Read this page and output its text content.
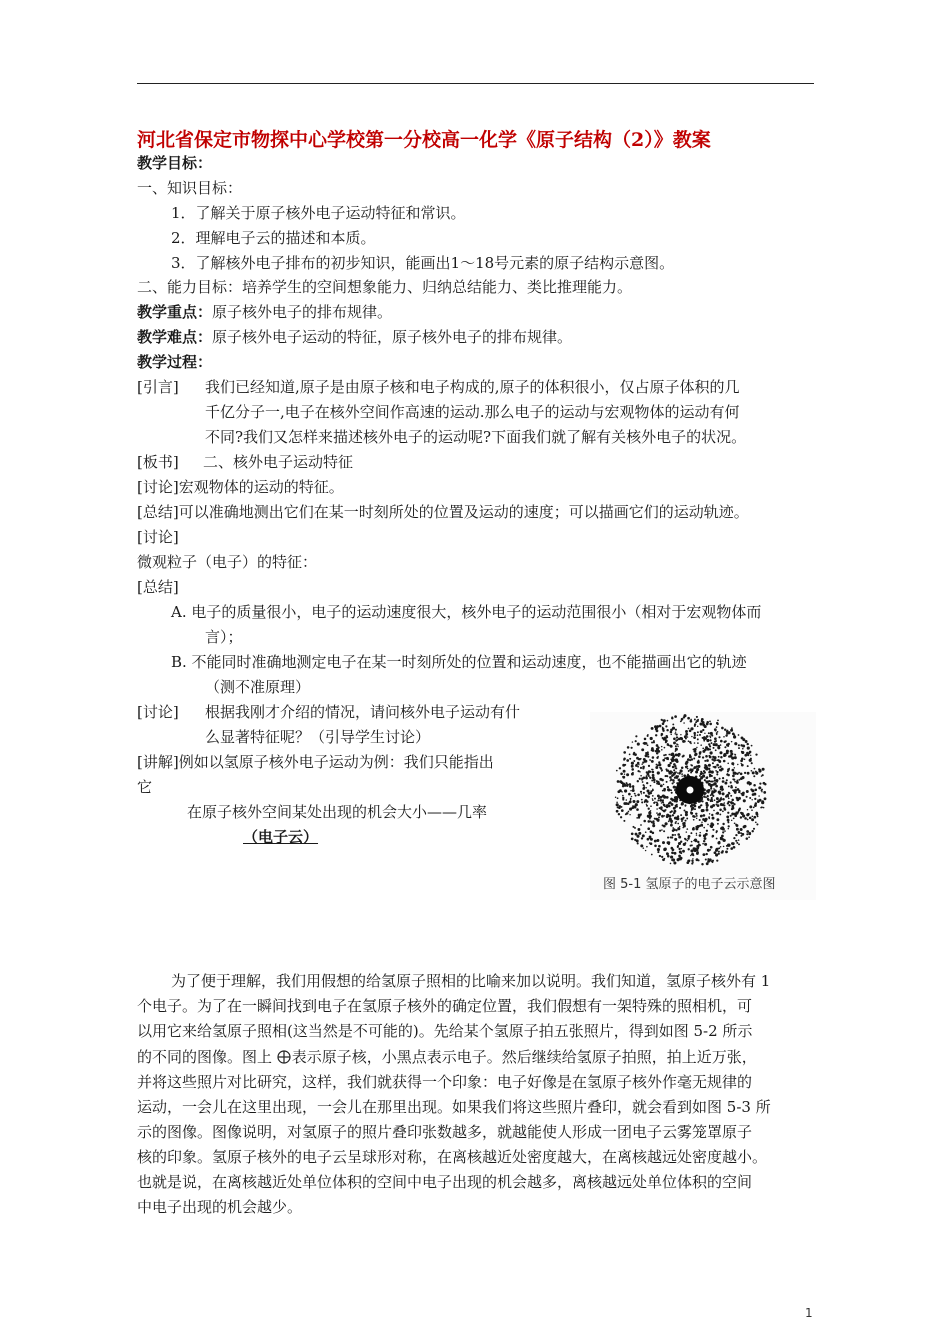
河北省保定市物探中心学校第一分校高一化学《原子结构（2）》教案
教学目标：
一、知识目标：
1．了解关于原子核外电子运动特征和常识。
2．理解电子云的描述和本质。
3．了解核外电子排布的初步知识，能画出1～18号元素的原子结构示意图。
二、能力目标：培养学生的空间想象能力、归纳总结能力、类比推理能力。
教学重点：原子核外电子的排布规律。
教学难点：原子核外电子运动的特征，原子核外电子的排布规律。
教学过程：
[引言] 我们已经知道,原子是由原子核和电子构成的,原子的体积很小，仅占原子体积的几
千亿分子一,电子在核外空间作高速的运动.那么电子的运动与宏观物体的运动有何
不同?我们又怎样来描述核外电子的运动呢?下面我们就了解有关核外电子的状况。
[板书] 二、核外电子运动特征
[讨论]宏观物体的运动的特征。
[总结]可以准确地测出它们在某一时刻所处的位置及运动的速度；可以描画它们的运动轨迹。
[讨论]
微观粒子（电子）的特征：
[总结]
A. 电子的质量很小，电子的运动速度很大，核外电子的运动范围很小（相对于宏观物体而
言）；
B. 不能同时准确地测定电子在某一时刻所处的位置和运动速度，也不能描画出它的轨迹
（测不准原理）
[讨论] 根据我刚才介绍的情况，请问核外电子运动有什
么显著特征呢？（引导学生讨论）
[讲解]例如以氢原子核外电子运动为例：我们只能指出
它
在原子核外空间某处出现的机会大小——几率
（电子云）
图 5-1 氢原子的电子云示意图
为了便于理解，我们用假想的给氢原子照相的比喻来加以说明。我们知道，氢原子核外有 1
个电子。为了在一瞬间找到电子在氢原子核外的确定位置，我们假想有一架特殊的照相机，可
以用它来给氢原子照相(这当然是不可能的)。先给某个氢原子拍五张照片，得到如图 5-2 所示
的不同的图像。图上 表示原子核，小黑点表示电子。然后继续给氢原子拍照，拍上近万张，
并将这些照片对比研究，这样，我们就获得一个印象：电子好像是在氢原子核外作毫无规律的
运动，一会儿在这里出现，一会儿在那里出现。如果我们将这些照片叠印，就会看到如图 5-3 所
示的图像。图像说明，对氢原子的照片叠印张数越多，就越能使人形成一团电子云雾笼罩原子
核的印象。氢原子核外的电子云呈球形对称，在离核越近处密度越大，在离核越远处密度越小。
也就是说，在离核越近处单位体积的空间中电子出现的机会越多，离核越远处单位体积的空间
中电子出现的机会越少。
1
